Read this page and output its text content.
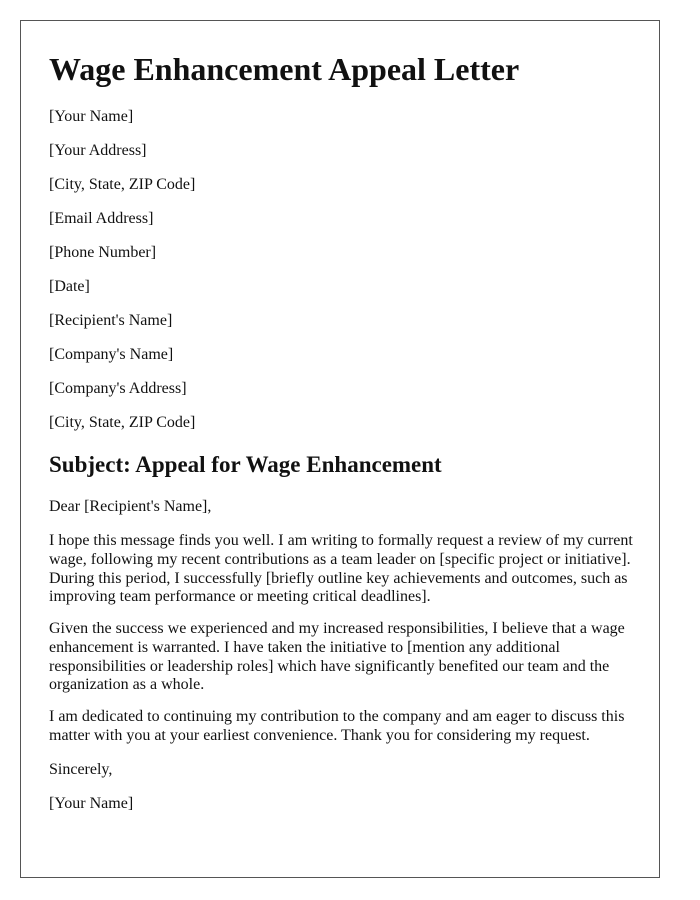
Wage Enhancement Appeal Letter

[Your Name]

[Your Address]

[City, State, ZIP Code]

[Email Address]

[Phone Number]

[Date]

[Recipient's Name]

[Company's Name]

[Company's Address]

[City, State, ZIP Code]

Subject: Appeal for Wage Enhancement

Dear [Recipient's Name],

I hope this message finds you well. I am writing to formally request a review of my current wage, following my recent contributions as a team leader on [specific project or initiative]. During this period, I successfully [briefly outline key achievements and outcomes, such as improving team performance or meeting critical deadlines].

Given the success we experienced and my increased responsibilities, I believe that a wage enhancement is warranted. I have taken the initiative to [mention any additional responsibilities or leadership roles] which have significantly benefited our team and the organization as a whole.

I am dedicated to continuing my contribution to the company and am eager to discuss this matter with you at your earliest convenience. Thank you for considering my request.

Sincerely,

[Your Name]
